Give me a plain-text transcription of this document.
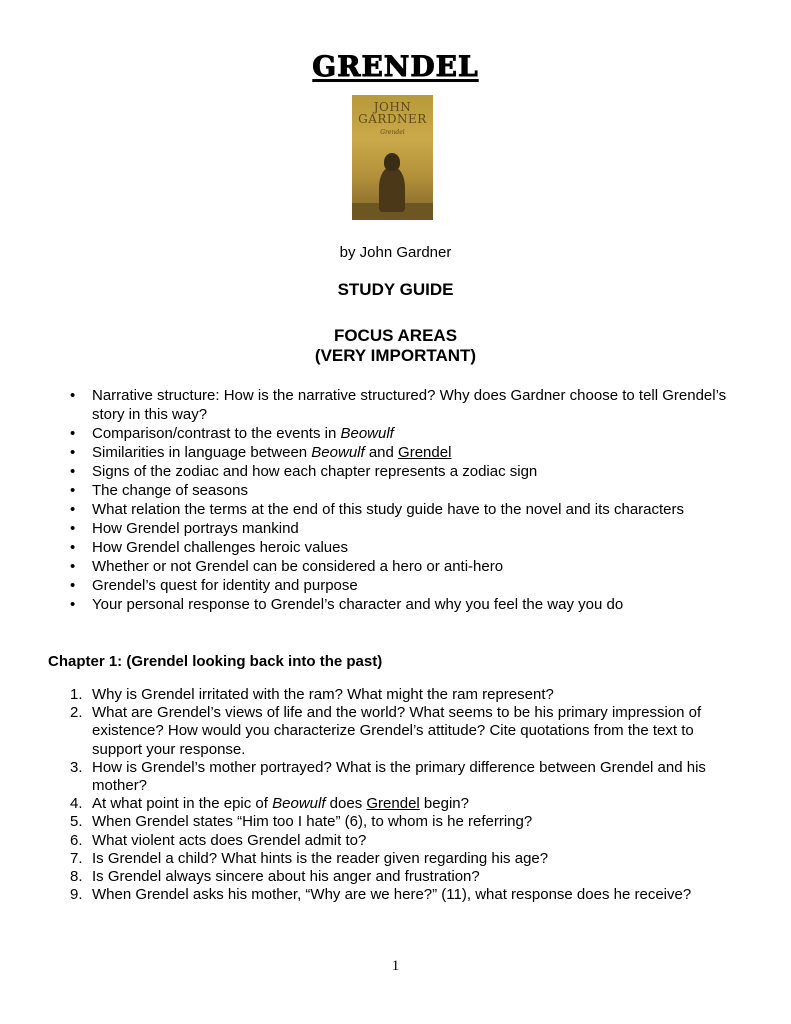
GRENDEL
JOHN
GARDNER
Grendel
by John Gardner
STUDY GUIDE
FOCUS AREAS
(VERY IMPORTANT)
• Narrative structure: How is the narrative structured? Why does Gardner choose to tell Grendel’s story in this way?
• Comparison/contrast to the events in Beowulf
• Similarities in language between Beowulf and Grendel
• Signs of the zodiac and how each chapter represents a zodiac sign
• The change of seasons
• What relation the terms at the end of this study guide have to the novel and its characters
• How Grendel portrays mankind
• How Grendel challenges heroic values
• Whether or not Grendel can be considered a hero or anti-hero
• Grendel’s quest for identity and purpose
• Your personal response to Grendel’s character and why you feel the way you do
Chapter 1: (Grendel looking back into the past)
1. Why is Grendel irritated with the ram? What might the ram represent?
2. What are Grendel’s views of life and the world? What seems to be his primary impression of existence? How would you characterize Grendel’s attitude? Cite quotations from the text to support your response.
3. How is Grendel’s mother portrayed? What is the primary difference between Grendel and his mother?
4. At what point in the epic of Beowulf does Grendel begin?
5. When Grendel states “Him too I hate” (6), to whom is he referring?
6. What violent acts does Grendel admit to?
7. Is Grendel a child? What hints is the reader given regarding his age?
8. Is Grendel always sincere about his anger and frustration?
9. When Grendel asks his mother, “Why are we here?” (11), what response does he receive?
1
